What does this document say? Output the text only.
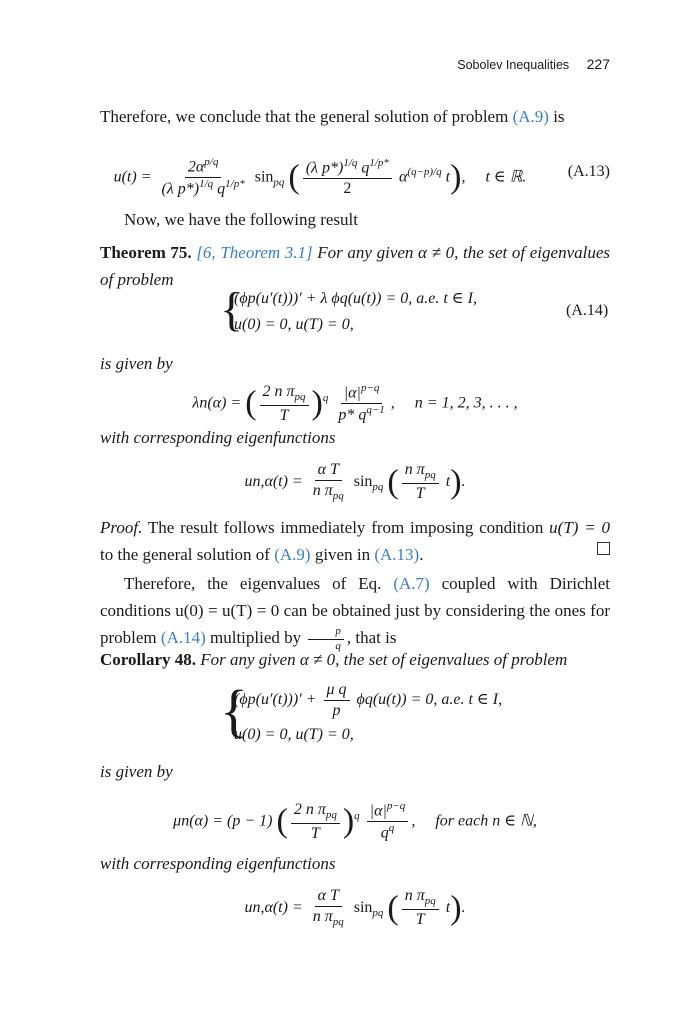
Sobolev Inequalities 227
Therefore, we conclude that the general solution of problem (A.9) is
$u(t) = \frac{2\alpha^{p/q}}{(\lambda p*)^{1/q} q^{1/p*}} \sin_{pq}$ ( $\frac{(\lambda p*)^{1/q} q^{1/p*}}{2} \alpha^{(q-p)/q}$ t),     t ∈ ℝ.	(A.13)
Now, we have the following result
Theorem 75. [6, Theorem 3.1] For any given α ≠ 0, the set of eigenvalues of problem
{
(ϕp(u′(t)))′ + λ ϕq(u(t)) = 0, a.e. t ∈ I,
u(0) = 0, u(T) = 0,
(A.14)
is given by
λn(α) = ( $\frac{2 n \pi_{pq}}{T} )^q \frac{|\alpha|^{p-q}}{p* q^{q-1}}$ ,     n = 1, 2, 3, . . . ,
with corresponding eigenfunctions
$un,\alpha(t) = \frac{\text{α T}}{n \pi_{pq}} \sin_{pq}$ ( $\frac{n \pi_{pq}}{T} t$).
Proof. The result follows immediately from imposing condition u(T) = 0 to the general solution of (A.9) given in (A.13).
Therefore, the eigenvalues of Eq. (A.7) coupled with Dirichlet conditions u(0) = u(T) = 0 can be obtained just by considering the ones for problem (A.14) multiplied by $\frac{p}{q}$ , that is
Corollary 48. For any given α ≠ 0, the set of eigenvalues of problem
{
$(\phi p(u'(t)))' + \frac{\text{μ q}}{p} \phi q(u(t)) = 0$, a.e. t ∈ I,
u(0) = 0, u(T) = 0,
is given by
μn(α) = (p − 1) ( $\frac{2 n \pi_{pq}}{T} )^q \frac{|\alpha|^{p-q}}{q^q}$ ,     for each n ∈ ℕ,
with corresponding eigenfunctions
$un,\alpha(t) = \frac{\text{α T}}{n \pi_{pq}} \sin_{pq}$ ( $\frac{n \pi_{pq}}{T} t$).
